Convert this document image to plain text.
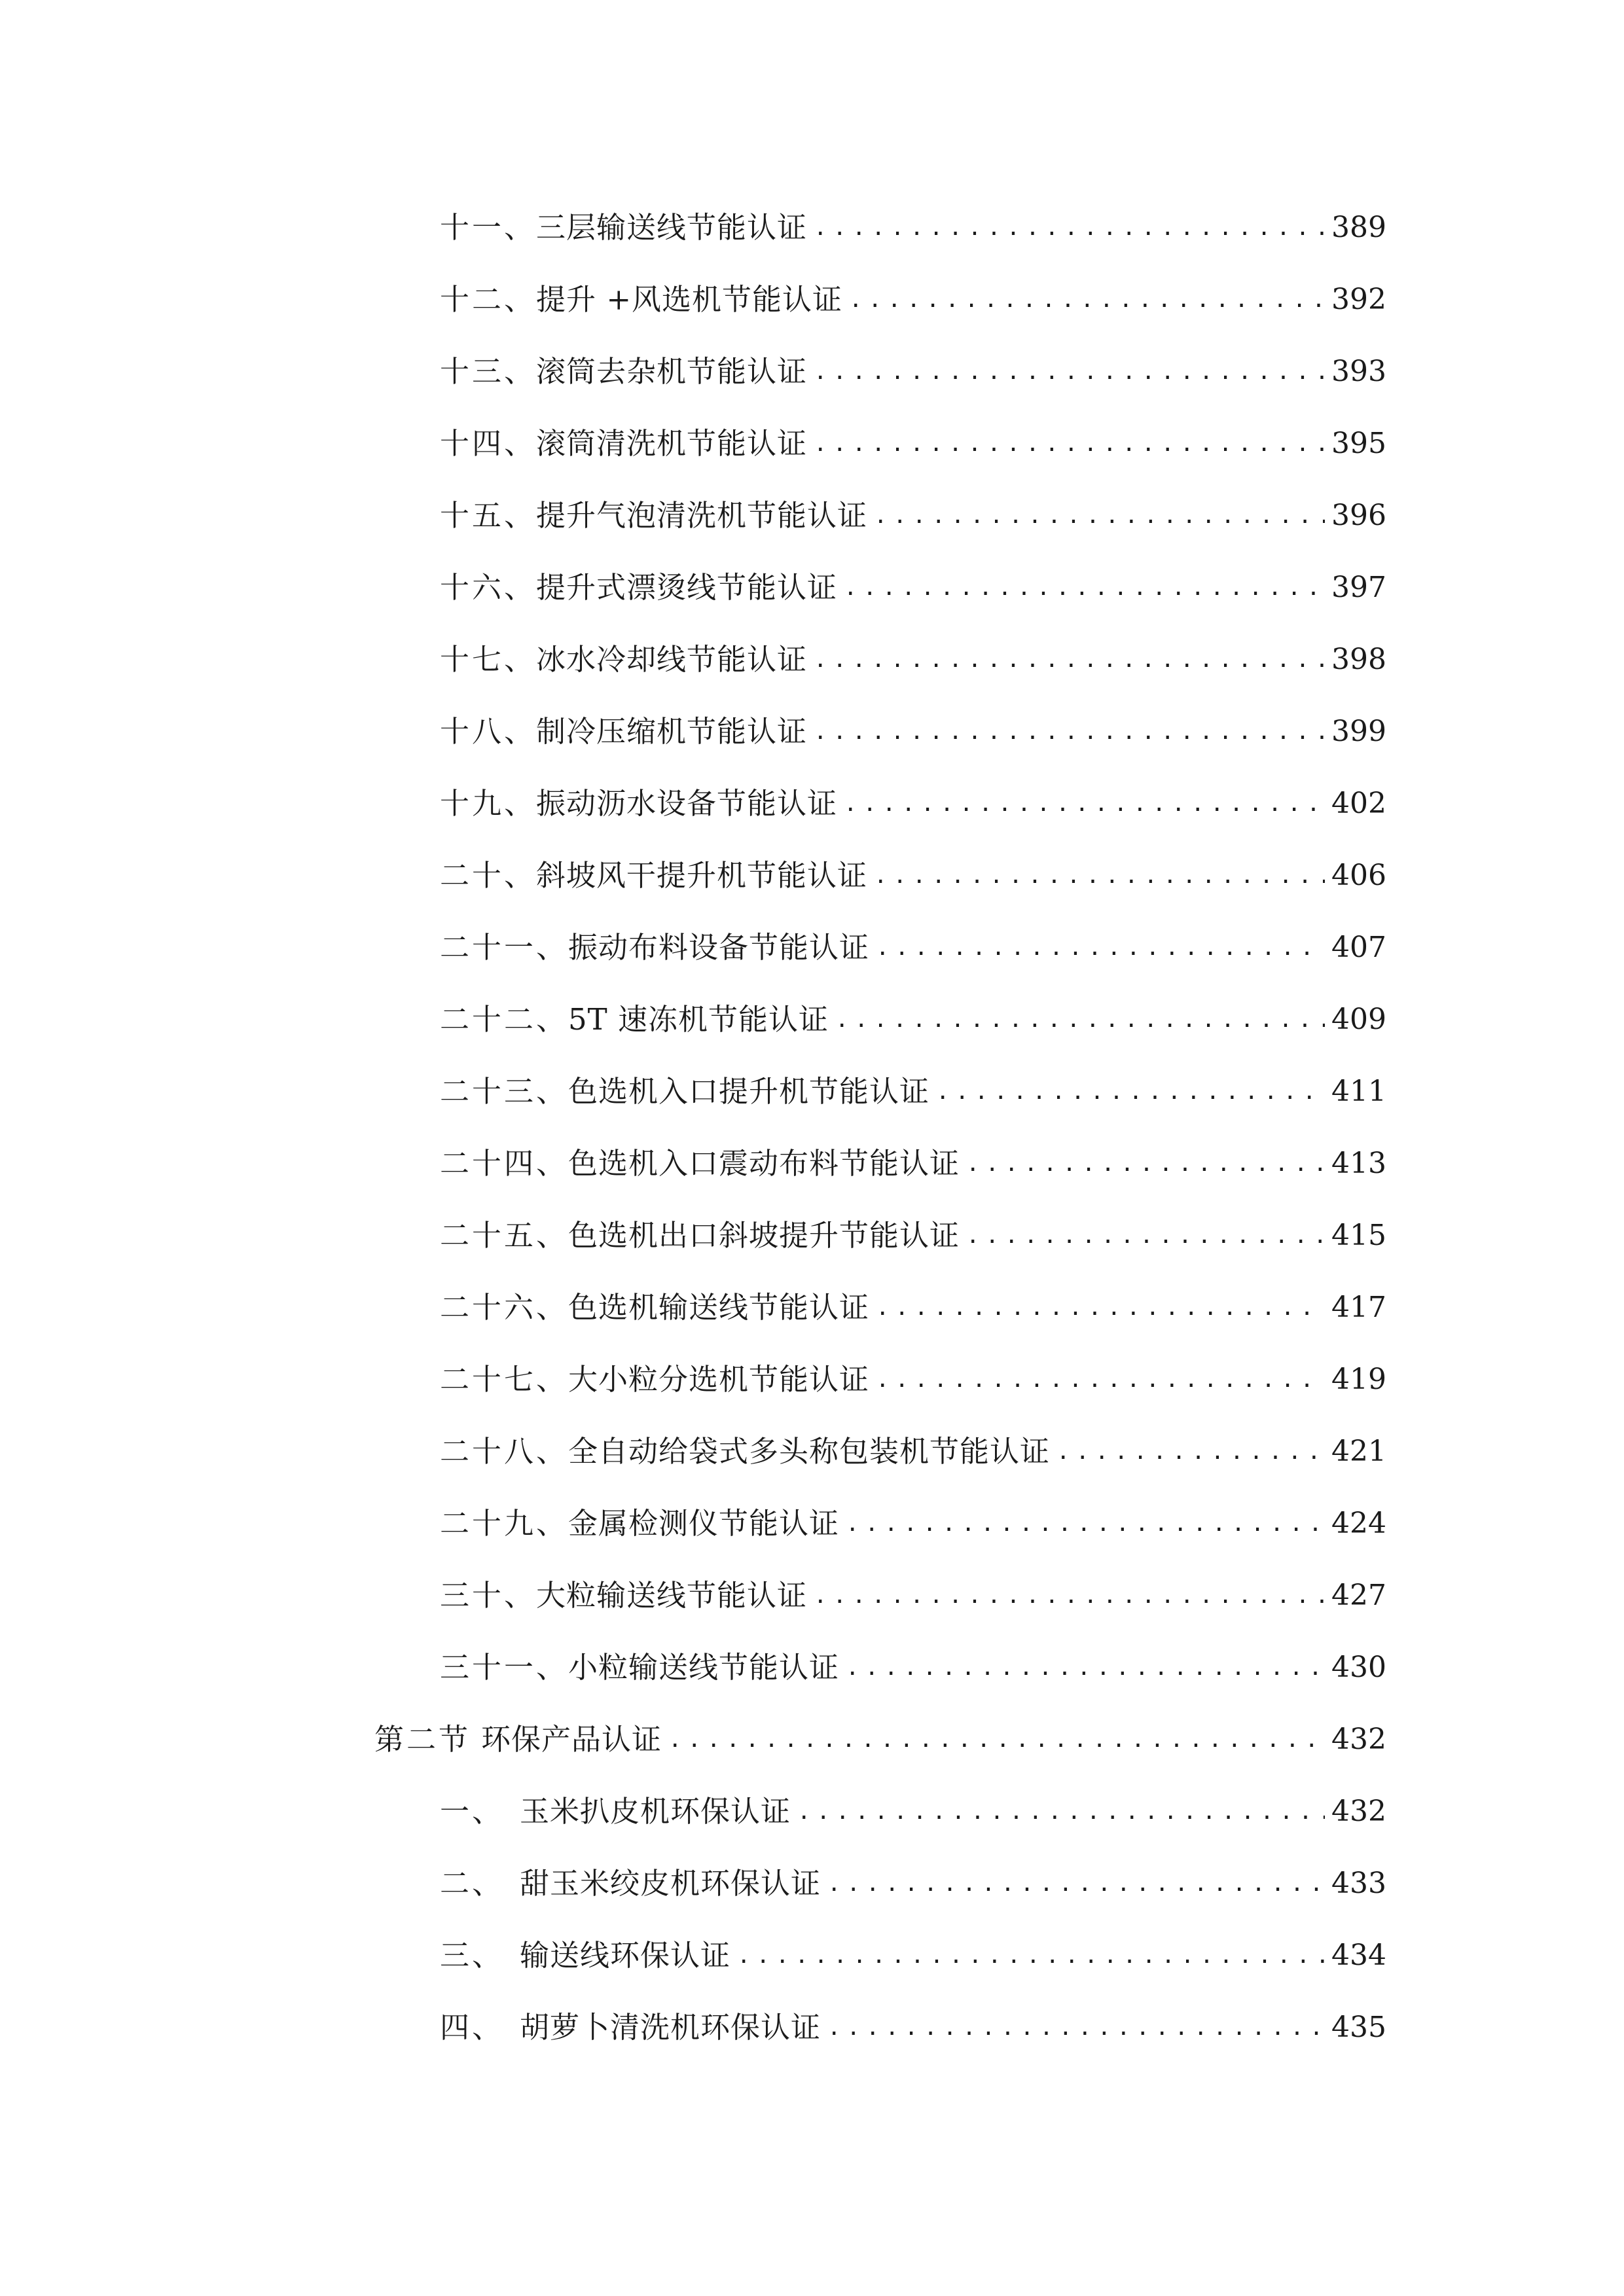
十一、 三层输送线节能认证 .....	389
十二、 提升 +风选机节能认证 .....	392
十三、 滚筒去杂机节能认证 .....	393
十四、 滚筒清洗机节能认证 .....	395
十五、 提升气泡清洗机节能认证 .....	396
十六、 提升式漂烫线节能认证 .....	397
十七、 冰水冷却线节能认证 .....	398
十八、 制冷压缩机节能认证 .....	399
十九、 振动沥水设备节能认证 .....	402
二十、 斜坡风干提升机节能认证 .....	406
二十一、 振动布料设备节能认证 .....	407
二十二、 5T 速冻机节能认证 .....	409
二十三、 色选机入口提升机节能认证 .....	411
二十四、 色选机入口震动布料节能认证 .....	413
二十五、 色选机出口斜坡提升节能认证 .....	415
二十六、 色选机输送线节能认证 .....	417
二十七、 大小粒分选机节能认证 .....	419
二十八、 全自动给袋式多头称包装机节能认证 .....	421
二十九、 金属检测仪节能认证 .....	424
三十、 大粒输送线节能认证 .....	427
三十一、 小粒输送线节能认证 .....	430
第二节 环保产品认证 .....	432
一、 玉米扒皮机环保认证 .....	432
二、 甜玉米绞皮机环保认证 .....	433
三、 输送线环保认证 .....	434
四、 胡萝卜清洗机环保认证 .....	435
